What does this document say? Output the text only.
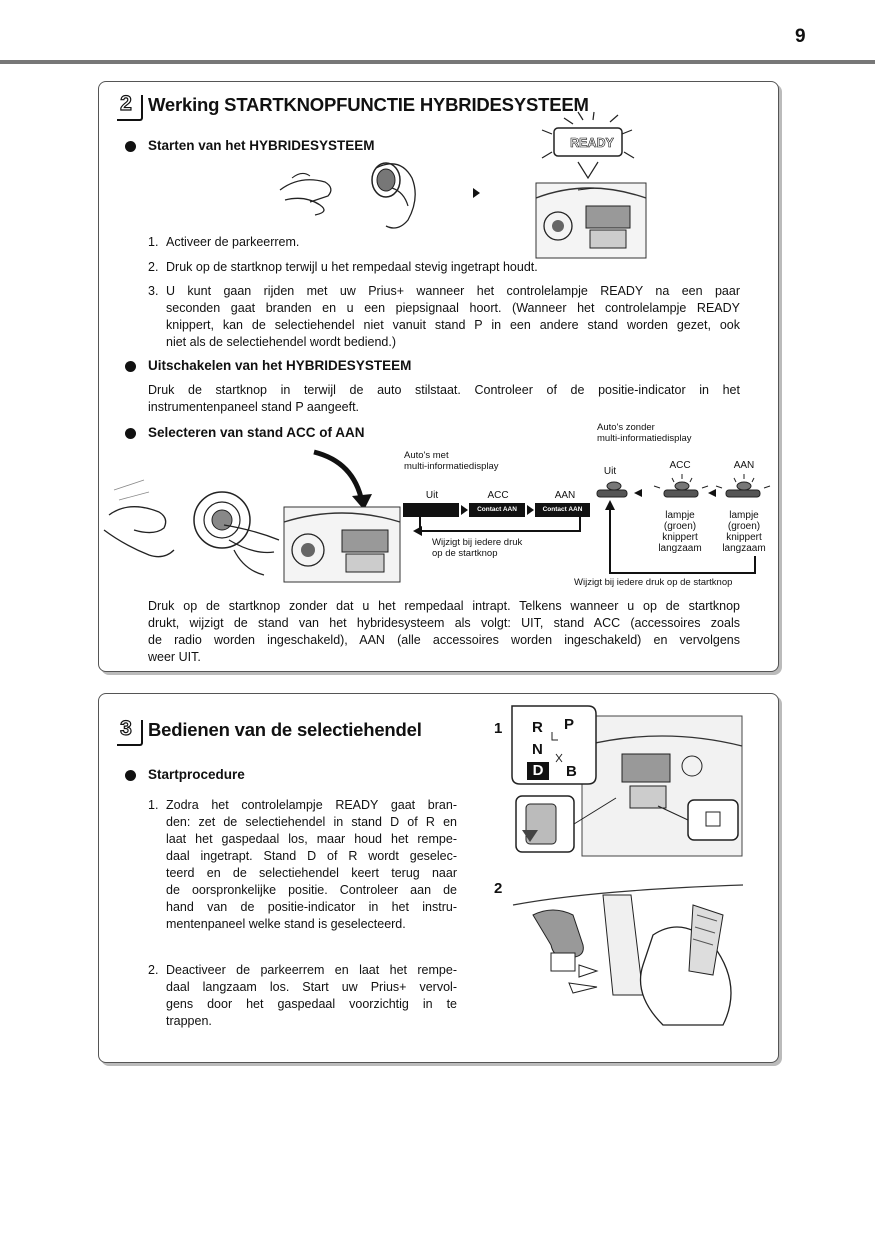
9
2 Werking STARTKNOPFUNCTIE HYBRIDESYSTEEM
Starten van het HYBRIDESYSTEEM	READY
1. Activeer de parkeerrem.
2. Druk op de startknop terwijl u het rempedaal stevig ingetrapt houdt.
3. U kunt gaan rijden met uw Prius+ wanneer het controlelampje READY na een paar
seconden gaat branden en u een piepsignaal hoort. (Wanneer het controlelampje READY
knippert, kan de selectiehendel niet vanuit stand P in een andere stand worden gezet, ook
niet als de selectiehendel wordt bediend.)
Uitschakelen van het HYBRIDESYSTEEM
Druk de startknop in terwijl de auto stilstaat. Controleer of de positie-indicator in het
instrumentenpaneel stand P aangeeft.
Selecteren van stand ACC of AAN
Auto's met
multi-informatiedisplay
Auto's zonder
multi-informatiedisplay
Uit	ACC	AAN
Contact AAN	Contact AAN
Wijzigt bij iedere druk
op de startknop
Uit
ACC	AAN
lampje
(groen)
knippert
langzaam
lampje
(groen)
knippert
langzaam
Wijzigt bij iedere druk op de startknop
Druk op de startknop zonder dat u het rempedaal intrapt. Telkens wanneer u op de startknop
drukt, wijzigt de stand van het hybridesysteem als volgt: UIT, stand ACC (accessoires zoals
de radio worden ingeschakeld), AAN (alle accessoires worden ingeschakeld) en vervolgens
weer UIT.
3 Bedienen van de selectiehendel
Startprocedure
1. Zodra het controlelampje READY gaat bran-
den: zet de selectiehendel in stand D of R en
laat het gaspedaal los, maar houd het rempe-
daal ingetrapt. Stand D of R wordt geselec-
teerd en de selectiehendel keert terug naar
de oorspronkelijke positie. Controleer aan de
hand van de positie-indicator in het instru-
mentenpaneel welke stand is geselecteerd.
2. Deactiveer de parkeerrem en laat het rempe-
daal langzaam los. Start uw Prius+ vervol-
gens door het gaspedaal voorzichtig in te
trappen.
1 R P
N
D	B
2
